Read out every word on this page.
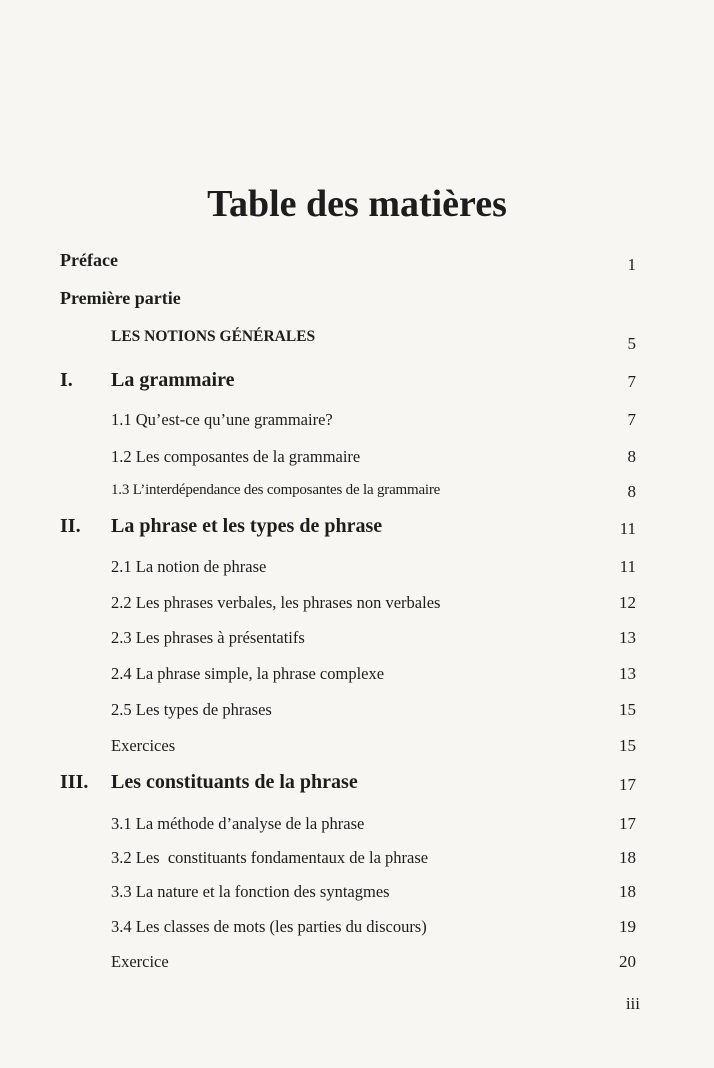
Table des matières
Préface	1
Première partie
LES NOTIONS GÉNÉRALES	5
I. La grammaire	7
1.1 Qu’est-ce qu’une grammaire?	7
1.2 Les composantes de la grammaire	8
1.3 L’interdépendance des composantes de la grammaire	8
II. La phrase et les types de phrase	11
2.1 La notion de phrase	11
2.2 Les phrases verbales, les phrases non verbales	12
2.3 Les phrases à présentatifs	13
2.4 La phrase simple, la phrase complexe	13
2.5 Les types de phrases	15
Exercices	15
III. Les constituants de la phrase	17
3.1 La méthode d’analyse de la phrase	17
3.2 Les  constituants fondamentaux de la phrase	18
3.3 La nature et la fonction des syntagmes	18
3.4 Les classes de mots (les parties du discours)	19
Exercice	20
iii
